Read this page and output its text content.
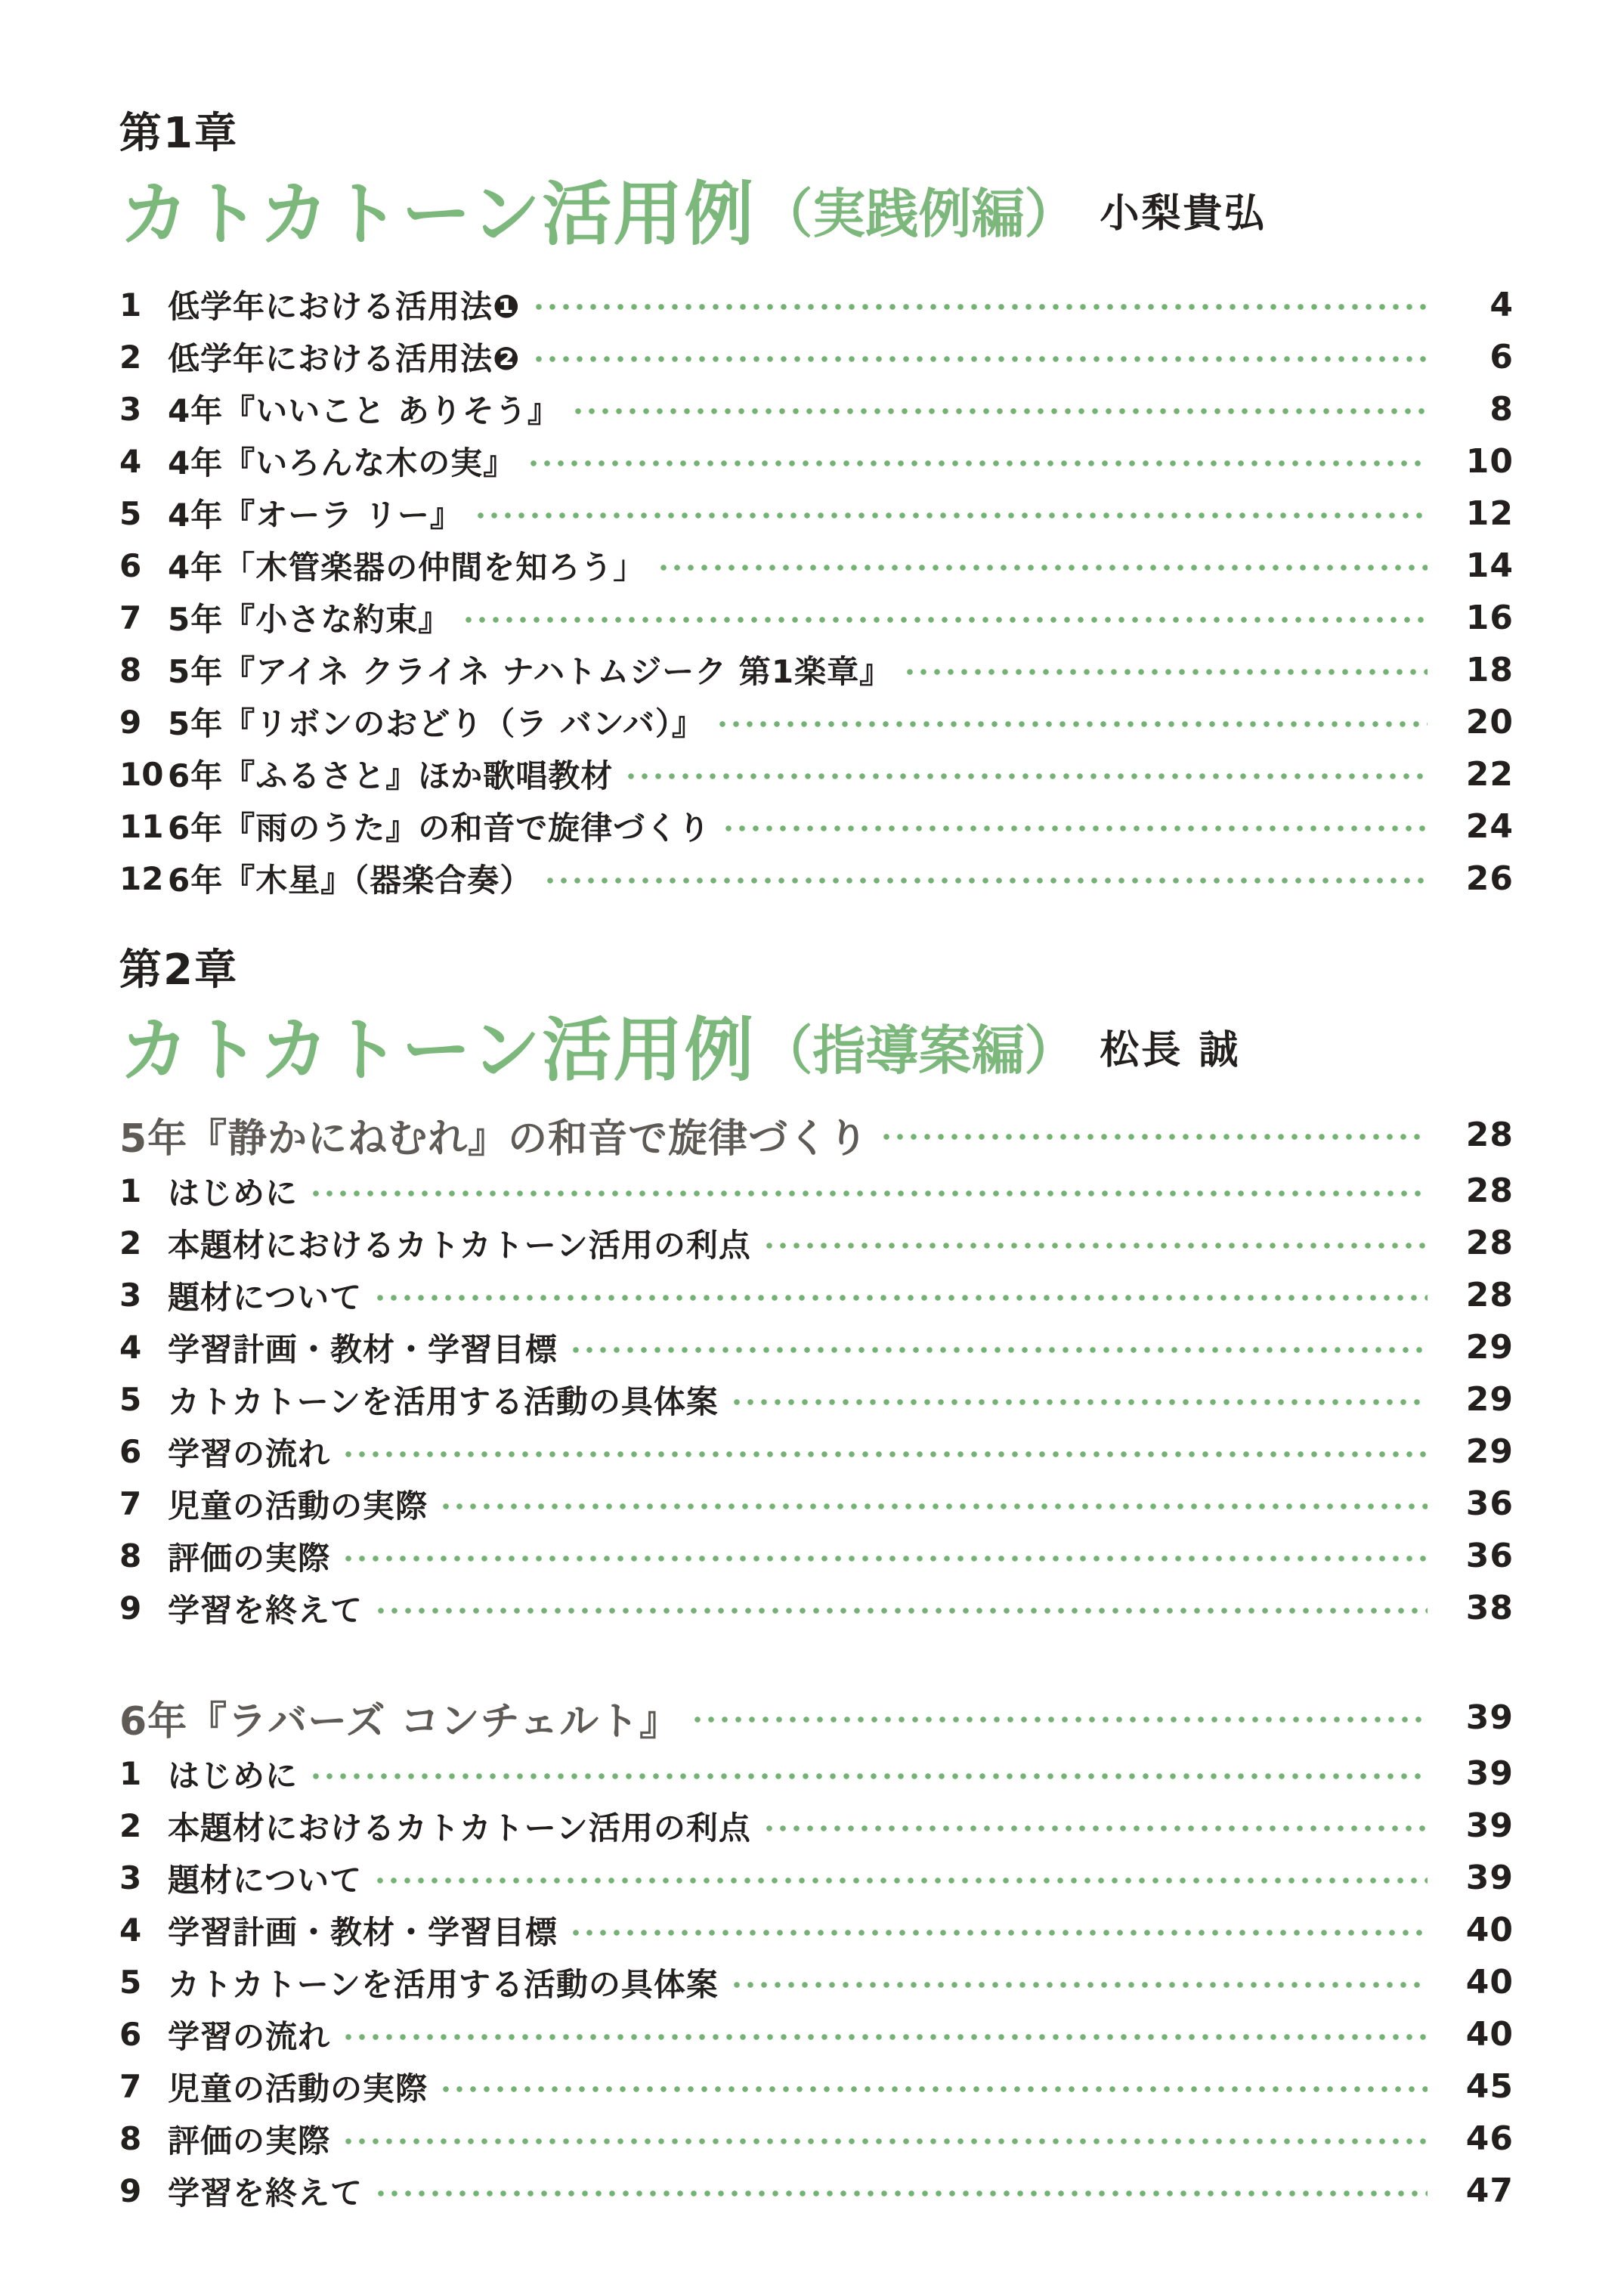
第1章
カトカトーン活用例 （実践例編） 小梨貴弘
1 低学年における活用法❶	4
2 低学年における活用法❷	6
3 4年『いいこと ありそう』	8
4 4年『いろんな木の実』	10
5 4年『オーラ リー』	12
6 4年「木管楽器の仲間を知ろう」	14
7 5年『小さな約束』	16
8 5年『アイネ クライネ ナハトムジーク 第1楽章』	18
9 5年『リボンのおどり（ラ バンバ）』	20
10 6年『ふるさと』ほか歌唱教材	22
11 6年『雨のうた』の和音で旋律づくり	24
12 6年『木星』（器楽合奏）	26
第2章
カトカトーン活用例 （指導案編） 松長 誠
5年『静かにねむれ』の和音で旋律づくり	28
1 はじめに	28
2 本題材におけるカトカトーン活用の利点	28
3 題材について	28
4 学習計画・教材・学習目標	29
5 カトカトーンを活用する活動の具体案	29
6 学習の流れ	29
7 児童の活動の実際	36
8 評価の実際	36
9 学習を終えて	38
6年『ラバーズ コンチェルト』	39
1 はじめに	39
2 本題材におけるカトカトーン活用の利点	39
3 題材について	39
4 学習計画・教材・学習目標	40
5 カトカトーンを活用する活動の具体案	40
6 学習の流れ	40
7 児童の活動の実際	45
8 評価の実際	46
9 学習を終えて	47
